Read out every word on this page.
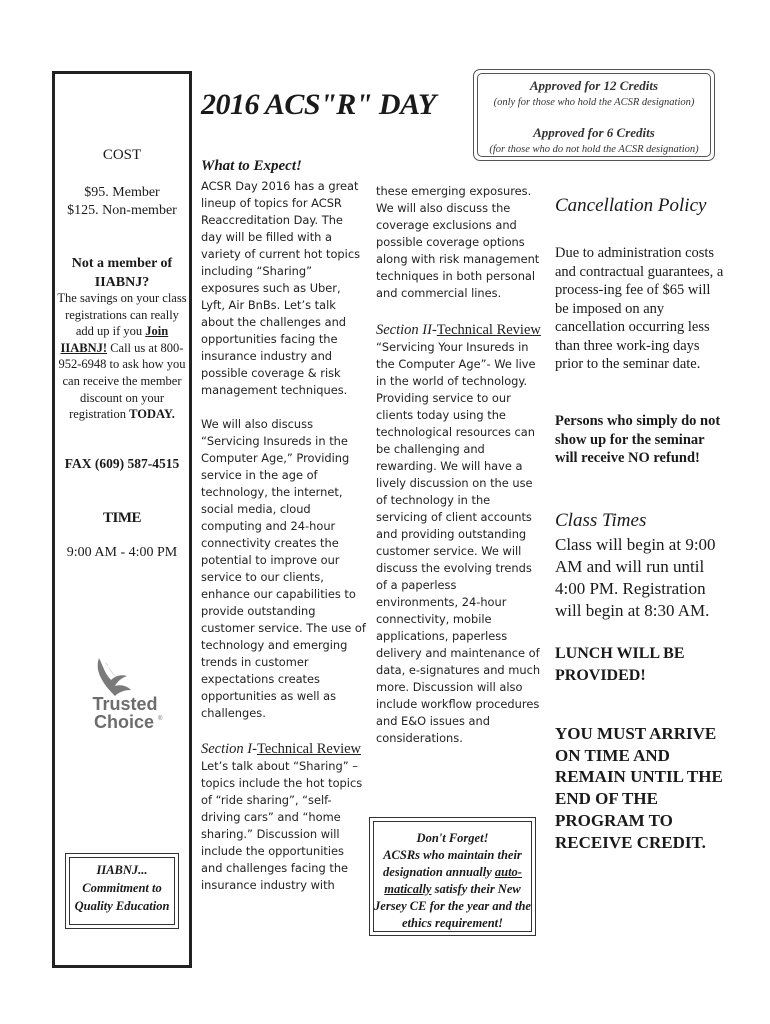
COST
$95. Member
$125. Non-member
Not a member of
IIABNJ?
The savings on your class registrations can really add up if you Join IIABNJ! Call us at 800-952-6948 to ask how you can receive the member discount on your registration TODAY.
FAX (609) 587-4515
TIME
9:00 AM - 4:00 PM
Trusted
Choice ®
IIABNJ...
Commitment to
Quality Education
2016 ACS"R" DAY
Approved for 12 Credits
(only for those who hold the ACSR designation)
Approved for 6 Credits
(for those who do not hold the ACSR designation)
What to Expect!

ACSR Day 2016 has a great lineup of topics for ACSR Reaccreditation Day. The day will be filled with a variety of current hot topics including “Sharing” exposures such as Uber, Lyft, Air BnBs. Let’s talk about the challenges and opportunities facing the insurance industry and possible coverage & risk management techniques.

We will also discuss “Servicing Insureds in the Computer Age,” Providing service in the age of technology, the internet, social media, cloud computing and 24-hour connectivity creates the potential to improve our service to our clients, enhance our capabilities to provide outstanding customer service. The use of technology and emerging trends in customer expectations creates opportunities as well as challenges.

Section I-Technical Review

Let’s talk about “Sharing” – topics include the hot topics of “ride sharing”, “self- driving cars” and “home sharing.” Discussion will include the opportunities and challenges facing the insurance industry with

these emerging exposures. We will also discuss the coverage exclusions and possible coverage options along with risk management techniques in both personal and commercial lines.

Section II-Technical Review

“Servicing Your Insureds in the Computer Age”- We live in the world of technology. Providing service to our clients today using the technological resources can be challenging and rewarding. We will have a lively discussion on the use of technology in the servicing of client accounts and providing outstanding customer service. We will discuss the evolving trends of a paperless environments, 24-hour connectivity, mobile applications, paperless delivery and maintenance of data, e-signatures and much more. Discussion will also include workflow procedures and E&O issues and considerations.

Don't Forget!
ACSRs who maintain their designation annually auto-matically satisfy their New Jersey CE for the year and the ethics requirement!
Cancellation Policy
Due to administration costs and contractual guarantees, a process-ing fee of $65 will be imposed on any cancellation occurring less than three work-ing days prior to the seminar date.
Persons who simply do not show up for the seminar will receive NO refund!
Class Times
Class will begin at 9:00 AM and will run until 4:00 PM. Registration will begin at 8:30 AM.
LUNCH WILL BE PROVIDED!
YOU MUST ARRIVE ON TIME AND REMAIN UNTIL THE END OF THE PROGRAM TO RECEIVE CREDIT.
